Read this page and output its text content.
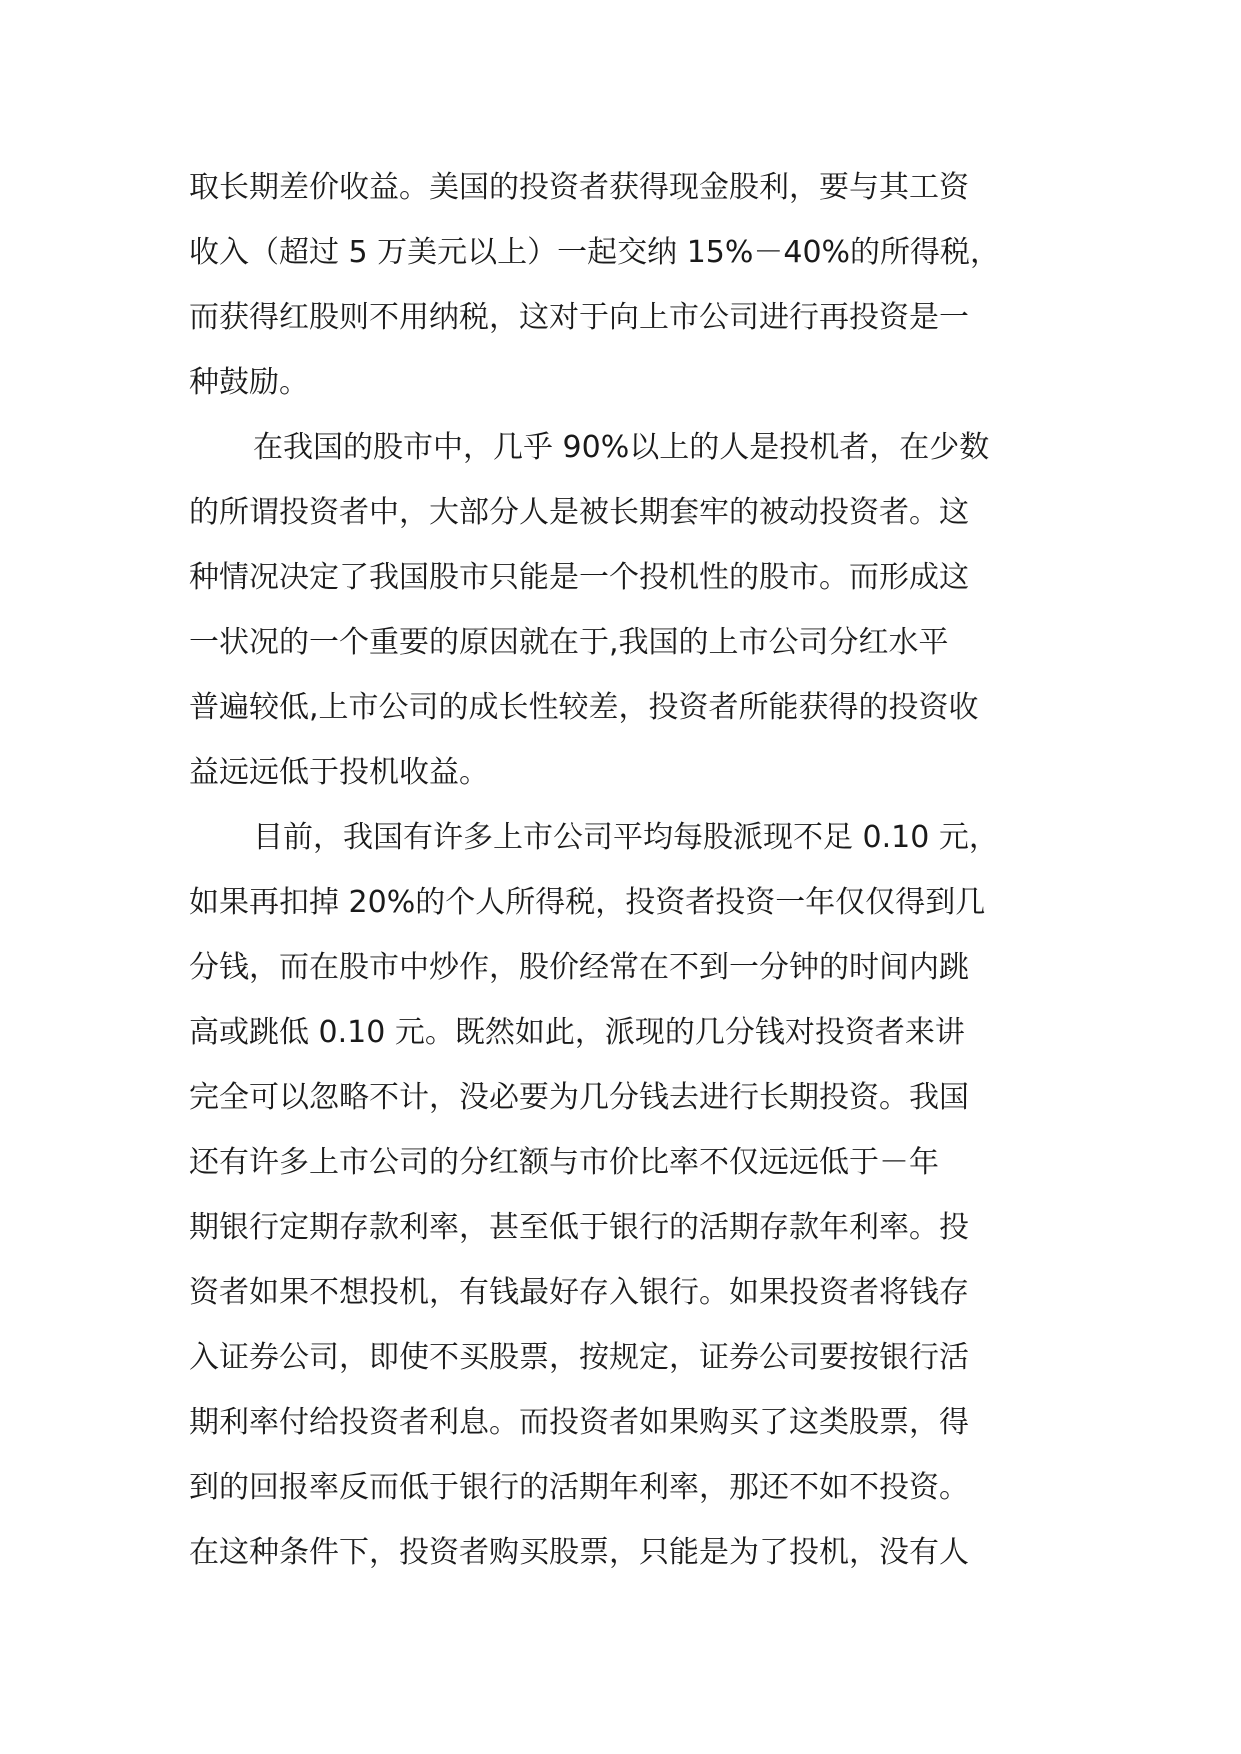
取长期差价收益。美国的投资者获得现金股利，要与其工资
收入（超过 5 万美元以上）一起交纳 15%－40%的所得税，
而获得红股则不用纳税，这对于向上市公司进行再投资是一
种鼓励。
在我国的股市中，几乎 90%以上的人是投机者，在少数
的所谓投资者中，大部分人是被长期套牢的被动投资者。这
种情况决定了我国股市只能是一个投机性的股市。而形成这
一状况的一个重要的原因就在于,我国的上市公司分红水平
普遍较低,上市公司的成长性较差，投资者所能获得的投资收
益远远低于投机收益。
目前，我国有许多上市公司平均每股派现不足 0.10 元，
如果再扣掉 20%的个人所得税，投资者投资一年仅仅得到几
分钱，而在股市中炒作，股价经常在不到一分钟的时间内跳
高或跳低 0.10 元。既然如此，派现的几分钱对投资者来讲
完全可以忽略不计，没必要为几分钱去进行长期投资。我国
还有许多上市公司的分红额与市价比率不仅远远低于－年
期银行定期存款利率，甚至低于银行的活期存款年利率。投
资者如果不想投机，有钱最好存入银行。如果投资者将钱存
入证券公司，即使不买股票，按规定，证券公司要按银行活
期利率付给投资者利息。而投资者如果购买了这类股票，得
到的回报率反而低于银行的活期年利率，那还不如不投资。
在这种条件下，投资者购买股票，只能是为了投机，没有人
